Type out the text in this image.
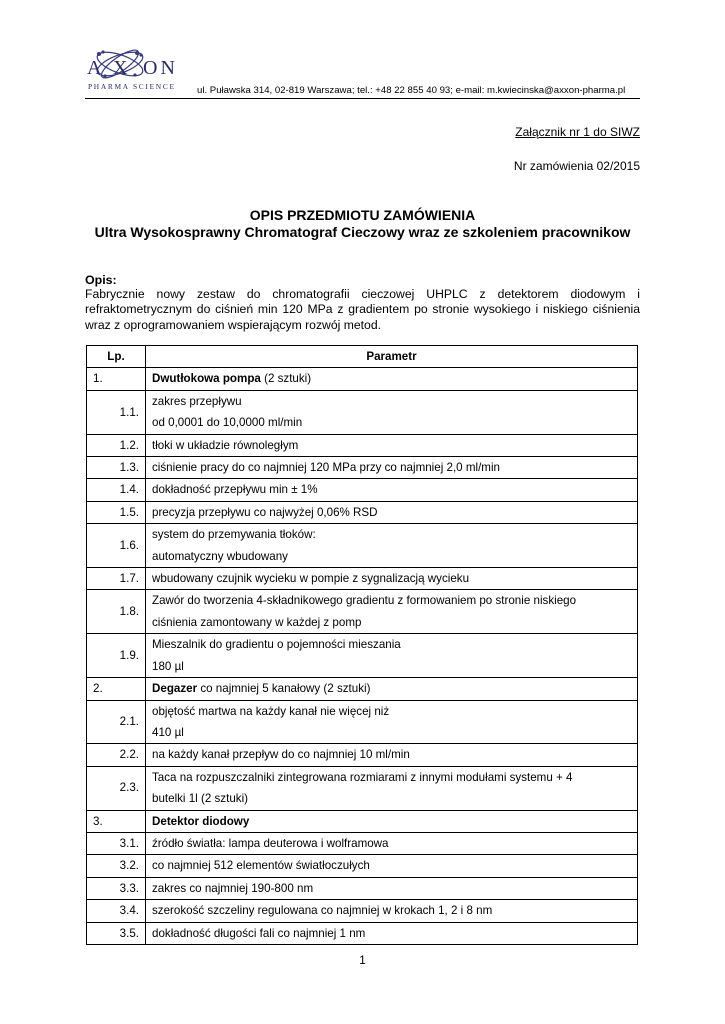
A X ON
PHARMA SCIENCE ul. Puławska 314, 02-819 Warszawa; tel.: +48 22 855 40 93; e-mail: m.kwiecinska@axxon-pharma.pl
Załącznik nr 1 do SIWZ
Nr zamówienia 02/2015
OPIS PRZEDMIOTU ZAMÓWIENIA
Ultra Wysokosprawny Chromatograf Cieczowy wraz ze szkoleniem pracownikow
Opis:
Fabrycznie nowy zestaw do chromatografii cieczowej UHPLC z detektorem diodowym i refraktometrycznym do ciśnień min 120 MPa z gradientem po stronie wysokiego i niskiego ciśnienia wraz z oprogramowaniem wspierającym rozwój metod.
Lp.	Parametr
1.	Dwutłokowa pompa (2 sztuki)
1.1.	zakres przepływu
od 0,0001 do 10,0000 ml/min

1.2.	tłoki w układzie równoległym

1.3.	ciśnienie pracy do co najmniej 120 MPa przy co najmniej 2,0 ml/min

1.4.	dokładność przepływu min ± 1%

1.5.	precyzja przepływu co najwyżej 0,06% RSD

1.6.	system do przemywania tłoków:
automatyczny wbudowany

1.7.	wbudowany czujnik wycieku w pompie z sygnalizacją wycieku

1.8.	Zawór do tworzenia 4-składnikowego gradientu z formowaniem po stronie niskiego
ciśnienia zamontowany w każdej z pomp

1.9.	Mieszalnik do gradientu o pojemności mieszania
180 µl

2.	Degazer co najmniej 5 kanałowy (2 sztuki)
2.1.	objętość martwa na każdy kanał nie więcej niż
410 µl

2.2.	na każdy kanał przepływ do co najmniej 10 ml/min

2.3.	Taca na rozpuszczalniki zintegrowana rozmiarami z innymi modułami systemu + 4
butelki 1l (2 sztuki)

3.	Detektor diodowy
3.1.	źródło światła: lampa deuterowa i wolframowa

3.2.	co najmniej 512 elementów światłoczułych

3.3.	zakres co najmniej 190-800 nm

3.4.	szerokość szczeliny regulowana co najmniej w krokach 1, 2 i 8 nm

3.5.	dokładność długości fali co najmniej 1 nm
1
